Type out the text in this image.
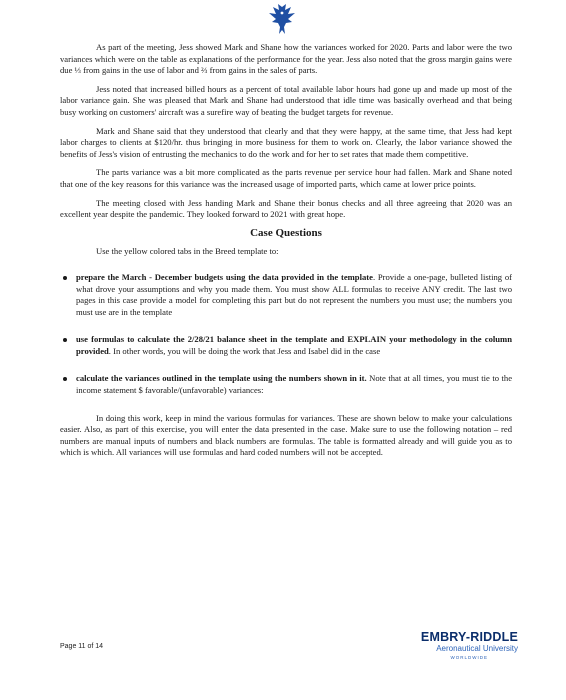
As part of the meeting, Jess showed Mark and Shane how the variances worked for 2020. Parts and labor were the two variances which were on the table as explanations of the performance for the year. Jess also noted that the gross margin gains were due ⅓ from gains in the use of labor and ⅔ from gains in the sales of parts.

Jess noted that increased billed hours as a percent of total available labor hours had gone up and made up most of the labor variance gain. She was pleased that Mark and Shane had understood that idle time was basically overhead and that being busy working on customers' aircraft was a surefire way of beating the budget targets for revenue.

Mark and Shane said that they understood that clearly and that they were happy, at the same time, that Jess had kept labor charges to clients at $120/hr. thus bringing in more business for them to work on. Clearly, the labor variance showed the benefits of Jess's vision of entrusting the mechanics to do the work and for her to set rates that made them competitive.

The parts variance was a bit more complicated as the parts revenue per service hour had fallen. Mark and Shane noted that one of the key reasons for this variance was the increased usage of imported parts, which came at lower price points.

The meeting closed with Jess handing Mark and Shane their bonus checks and all three agreeing that 2020 was an excellent year despite the pandemic. They looked forward to 2021 with great hope.

Case Questions

Use the yellow colored tabs in the Breed template to:

prepare the March - December budgets using the data provided in the template. Provide a one-page, bulleted listing of what drove your assumptions and why you made them. You must show ALL formulas to receive ANY credit. The last two pages in this case provide a model for completing this part but do not represent the numbers you must use; the numbers you must use are in the template
use formulas to calculate the 2/28/21 balance sheet in the template and EXPLAIN your methodology in the column provided. In other words, you will be doing the work that Jess and Isabel did in the case
calculate the variances outlined in the template using the numbers shown in it. Note that at all times, you must tie to the income statement $ favorable/(unfavorable) variances:

In doing this work, keep in mind the various formulas for variances. These are shown below to make your calculations easier. Also, as part of this exercise, you will enter the data presented in the case. Make sure to use the following notation – red numbers are manual inputs of numbers and black numbers are formulas. The table is formatted already and will guide you as to which is which. All variances will use formulas and hard coded numbers will not be accepted.

Page 11 of 14
EMBRY-RIDDLE
Aeronautical University
WORLDWIDE
